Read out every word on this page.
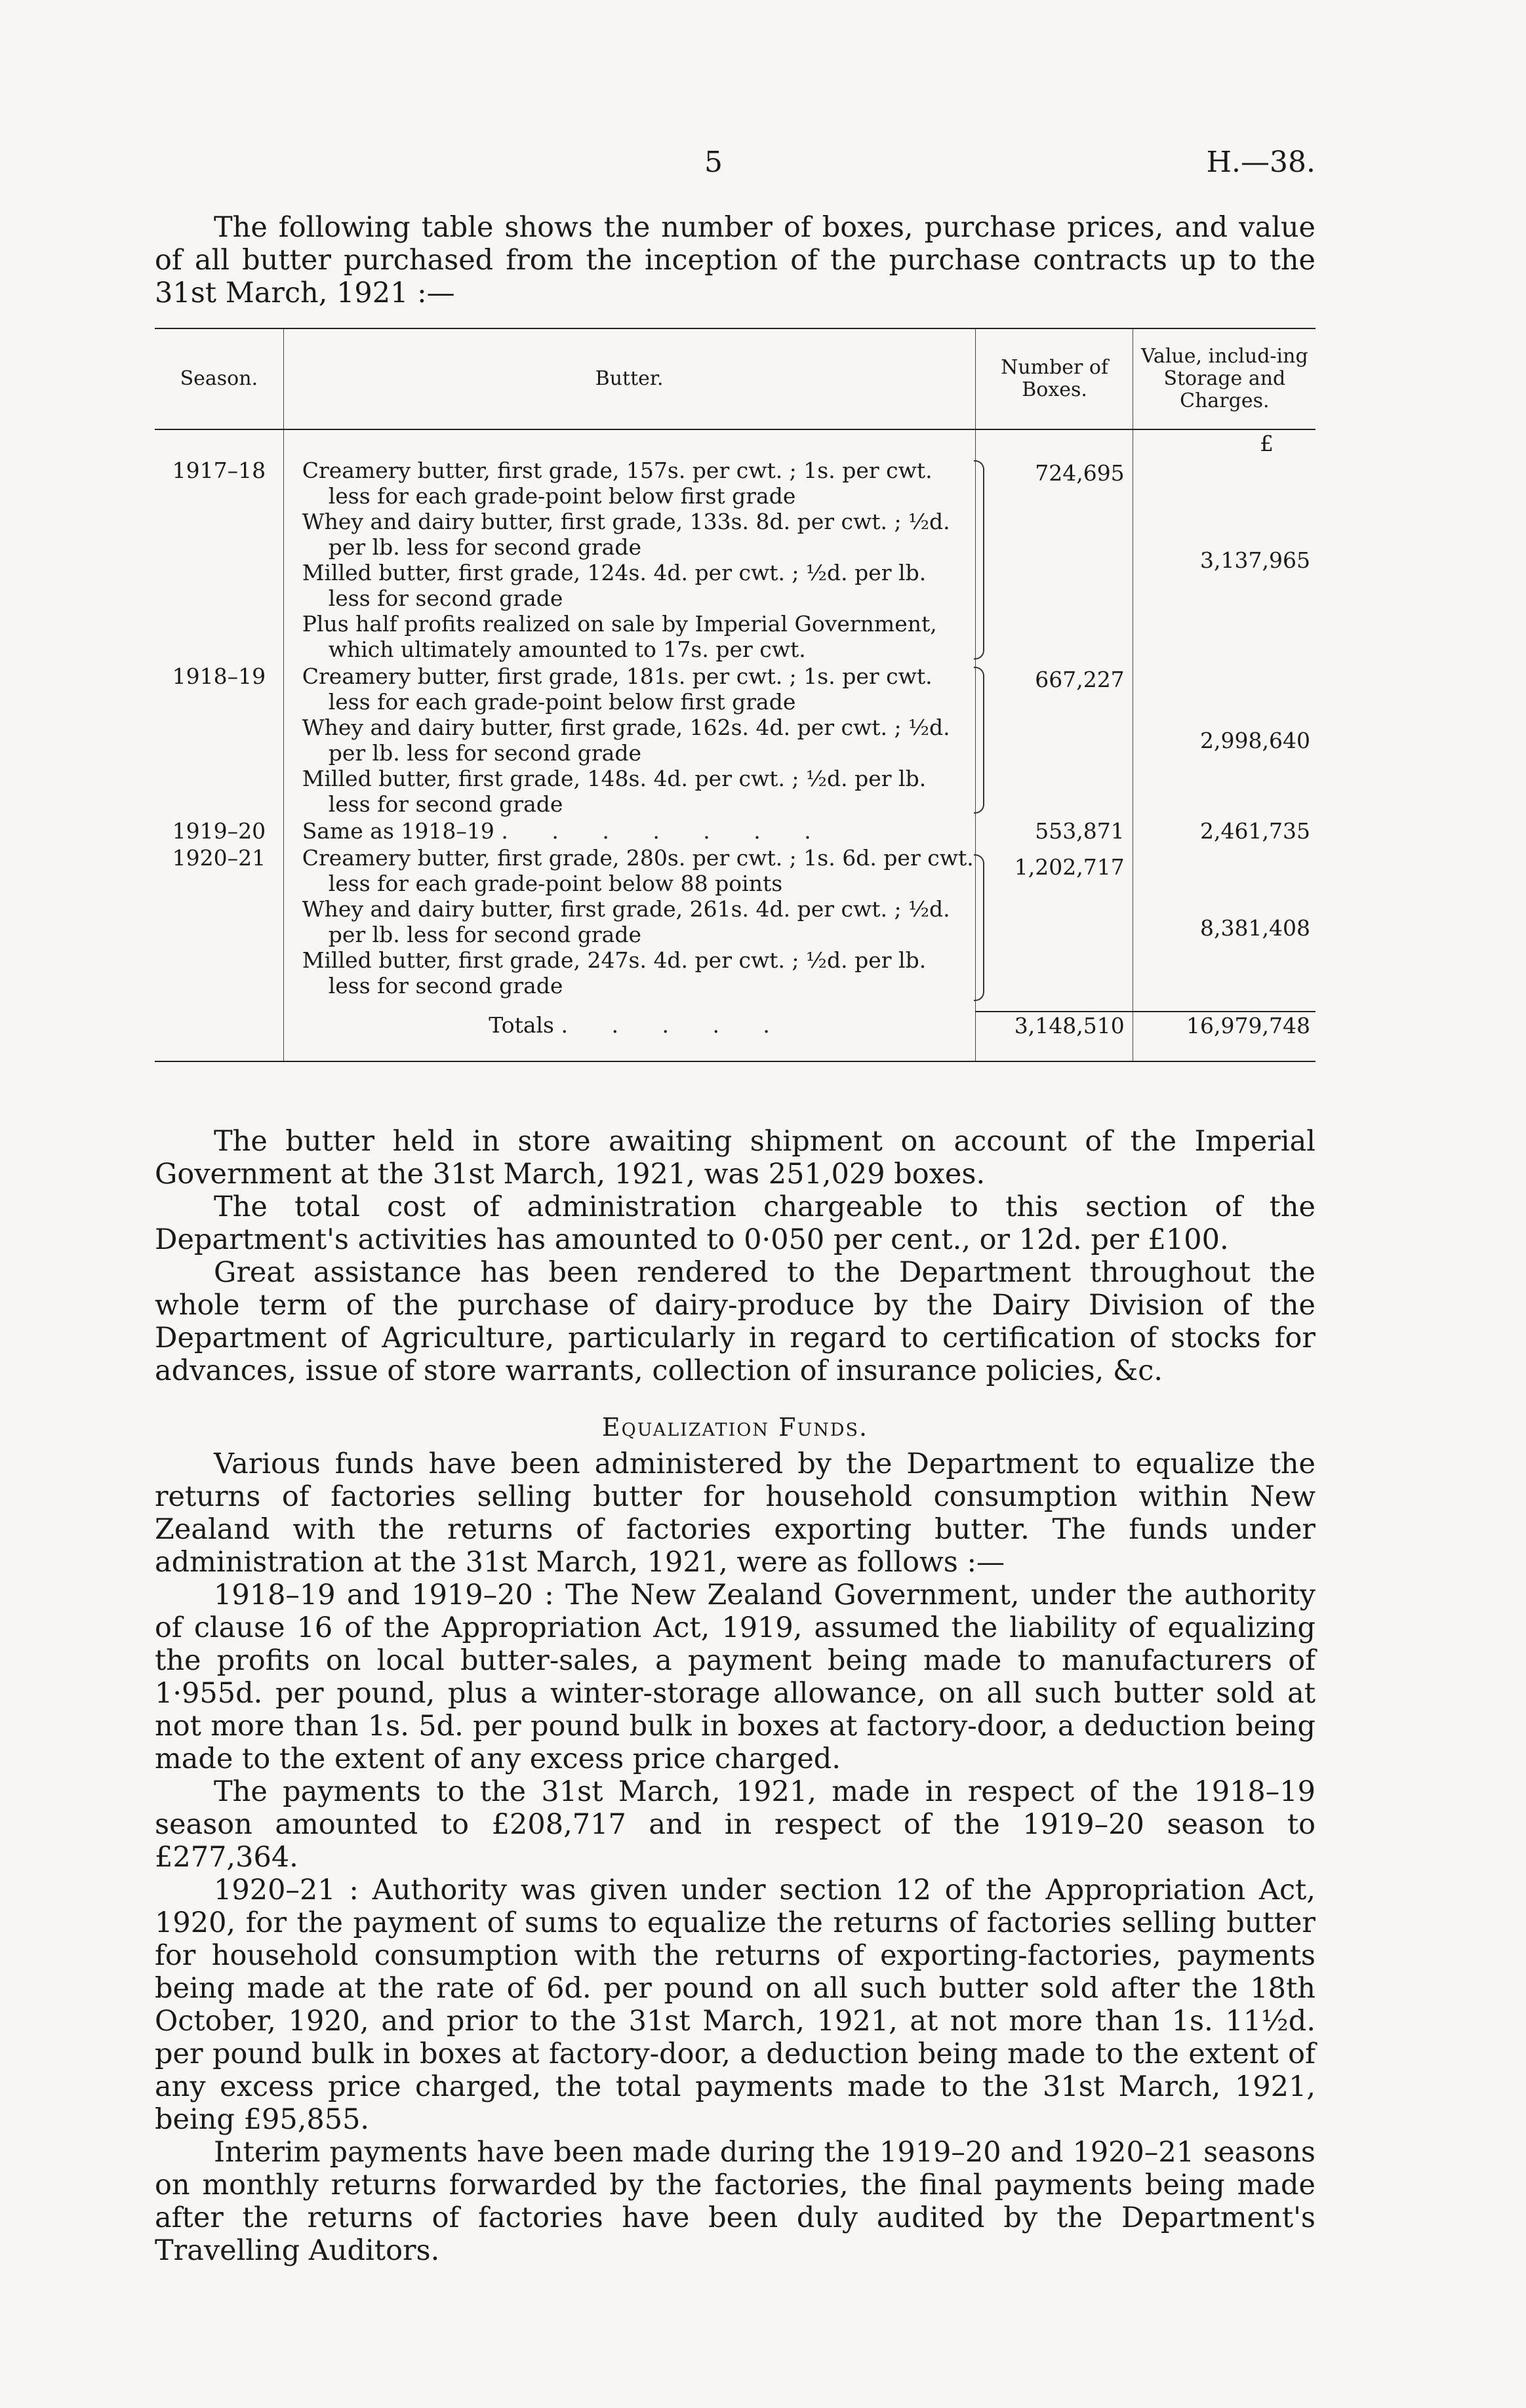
5	H.—38.

The following table shows the number of boxes, purchase prices, and value of all butter purchased from the inception of the purchase contracts up to the 31st March, 1921 :—

Season.	Butter.	Number of Boxes.	Value, includ-ing Storage and Charges.
			£
1917–18	Creamery butter, first grade, 157s. per cwt. ; 1s. per cwt. less for each grade-point below first grade
Whey and dairy butter, first grade, 133s. 8d. per cwt. ; ½d. per lb. less for second grade
Milled butter, first grade, 124s. 4d. per cwt. ; ½d. per lb. less for second grade
Plus half profits realized on sale by Imperial Government, which ultimately amounted to 17s. per cwt.	724,695	3,137,965
1918–19	Creamery butter, first grade, 181s. per cwt. ; 1s. per cwt. less for each grade-point below first grade
Whey and dairy butter, first grade, 162s. 4d. per cwt. ; ½d. per lb. less for second grade
Milled butter, first grade, 148s. 4d. per cwt. ; ½d. per lb. less for second grade	667,227	2,998,640
1919–20	Same as 1918–19 . . . . . . .	553,871	2,461,735
1920–21	Creamery butter, first grade, 280s. per cwt. ; 1s. 6d. per cwt. less for each grade-point below 88 points
Whey and dairy butter, first grade, 261s. 4d. per cwt. ; ½d. per lb. less for second grade
Milled butter, first grade, 247s. 4d. per cwt. ; ½d. per lb. less for second grade	1,202,717	8,381,408
	Totals . . . . .	3,148,510	16,979,748

The butter held in store awaiting shipment on account of the Imperial Government at the 31st March, 1921, was 251,029 boxes.

The total cost of administration chargeable to this section of the Department's activities has amounted to 0·050 per cent., or 12d. per £100.

Great assistance has been rendered to the Department throughout the whole term of the purchase of dairy-produce by the Dairy Division of the Department of Agriculture, particularly in regard to certification of stocks for advances, issue of store warrants, collection of insurance policies, &c.

Equalization Funds.

Various funds have been administered by the Department to equalize the returns of factories selling butter for household consumption within New Zealand with the returns of factories exporting butter. The funds under administration at the 31st March, 1921, were as follows :—

1918–19 and 1919–20 : The New Zealand Government, under the authority of clause 16 of the Appropriation Act, 1919, assumed the liability of equalizing the profits on local butter-sales, a payment being made to manufacturers of 1·955d. per pound, plus a winter-storage allowance, on all such butter sold at not more than 1s. 5d. per pound bulk in boxes at factory-door, a deduction being made to the extent of any excess price charged.

The payments to the 31st March, 1921, made in respect of the 1918–19 season amounted to £208,717 and in respect of the 1919–20 season to £277,364.

1920–21 : Authority was given under section 12 of the Appropriation Act, 1920, for the payment of sums to equalize the returns of factories selling butter for household consumption with the returns of exporting-factories, payments being made at the rate of 6d. per pound on all such butter sold after the 18th October, 1920, and prior to the 31st March, 1921, at not more than 1s. 11½d. per pound bulk in boxes at factory-door, a deduction being made to the extent of any excess price charged, the total payments made to the 31st March, 1921, being £95,855.

Interim payments have been made during the 1919–20 and 1920–21 seasons on monthly returns forwarded by the factories, the final payments being made after the returns of factories have been duly audited by the Department's Travelling Auditors.
